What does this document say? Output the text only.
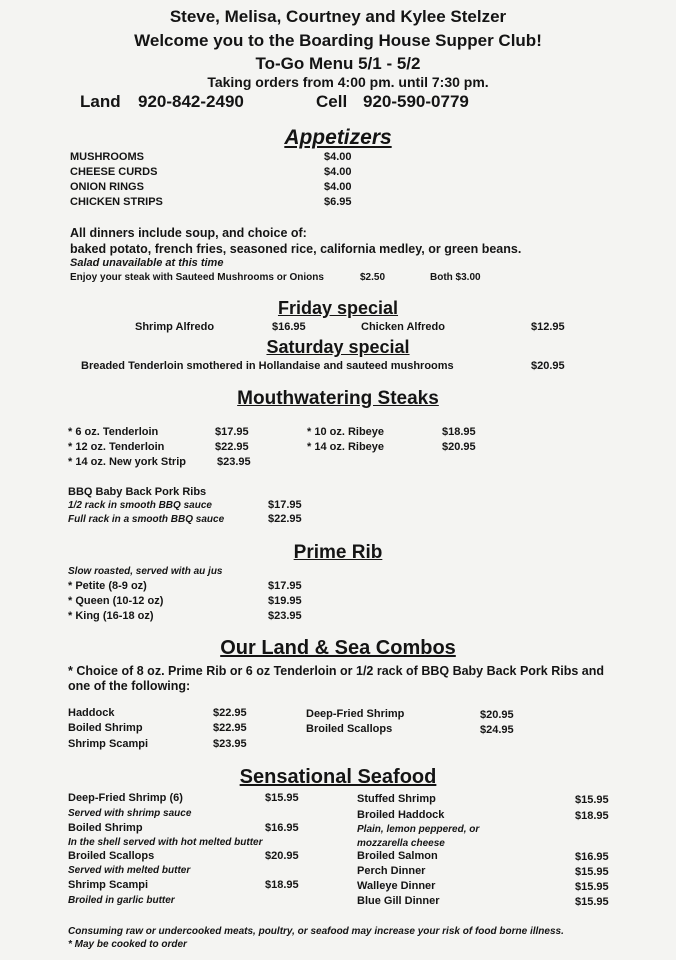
Steve, Melisa, Courtney and Kylee Stelzer
Welcome you to the Boarding House Supper Club!
To-Go Menu 5/1 - 5/2
Taking orders from 4:00 pm. until 7:30 pm.
Land 920-842-2490	Cell 920-590-0779
Appetizers
MUSHROOMS	$4.00
CHEESE CURDS	$4.00
ONION RINGS	$4.00
CHICKEN STRIPS	$6.95
All dinners include soup, and choice of:
baked potato, french fries, seasoned rice, california medley, or green beans.
Salad unavailable at this time
Enjoy your steak with Sauteed Mushrooms or Onions	$2.50	Both $3.00
Friday special
Shrimp Alfredo	$16.95	Chicken Alfredo	$12.95
Saturday special
Breaded Tenderloin smothered in Hollandaise and sauteed mushrooms	$20.95
Mouthwatering Steaks
* 6 oz. Tenderloin	$17.95
* 12 oz. Tenderloin	$22.95
* 14 oz. New york Strip	$23.95
* 10 oz. Ribeye	$18.95
* 14 oz. Ribeye	$20.95
BBQ Baby Back Pork Ribs
1/2 rack in smooth BBQ sauce	$17.95
Full rack in a smooth BBQ sauce	$22.95
Prime Rib
Slow roasted, served with au jus
* Petite (8-9 oz)	$17.95
* Queen (10-12 oz)	$19.95
* King (16-18 oz)	$23.95
Our Land & Sea Combos
* Choice of 8 oz. Prime Rib or 6 oz Tenderloin or 1/2 rack of BBQ Baby Back Pork Ribs and
one of the following:
Haddock	$22.95
Boiled Shrimp	$22.95
Shrimp Scampi	$23.95
Deep-Fried Shrimp	$20.95
Broiled Scallops	$24.95
Sensational Seafood
Deep-Fried Shrimp (6)	$15.95
Served with shrimp sauce
Boiled Shrimp	$16.95
In the shell served with hot melted butter
Broiled Scallops	$20.95
Served with melted butter
Shrimp Scampi	$18.95
Broiled in garlic butter
Stuffed Shrimp	$15.95
Broiled Haddock	$18.95
Plain, lemon peppered, or
mozzarella cheese
Broiled Salmon	$16.95
Perch Dinner	$15.95
Walleye Dinner	$15.95
Blue Gill Dinner	$15.95
Consuming raw or undercooked meats, poultry, or seafood may increase your risk of food borne illness.
* May be cooked to order
